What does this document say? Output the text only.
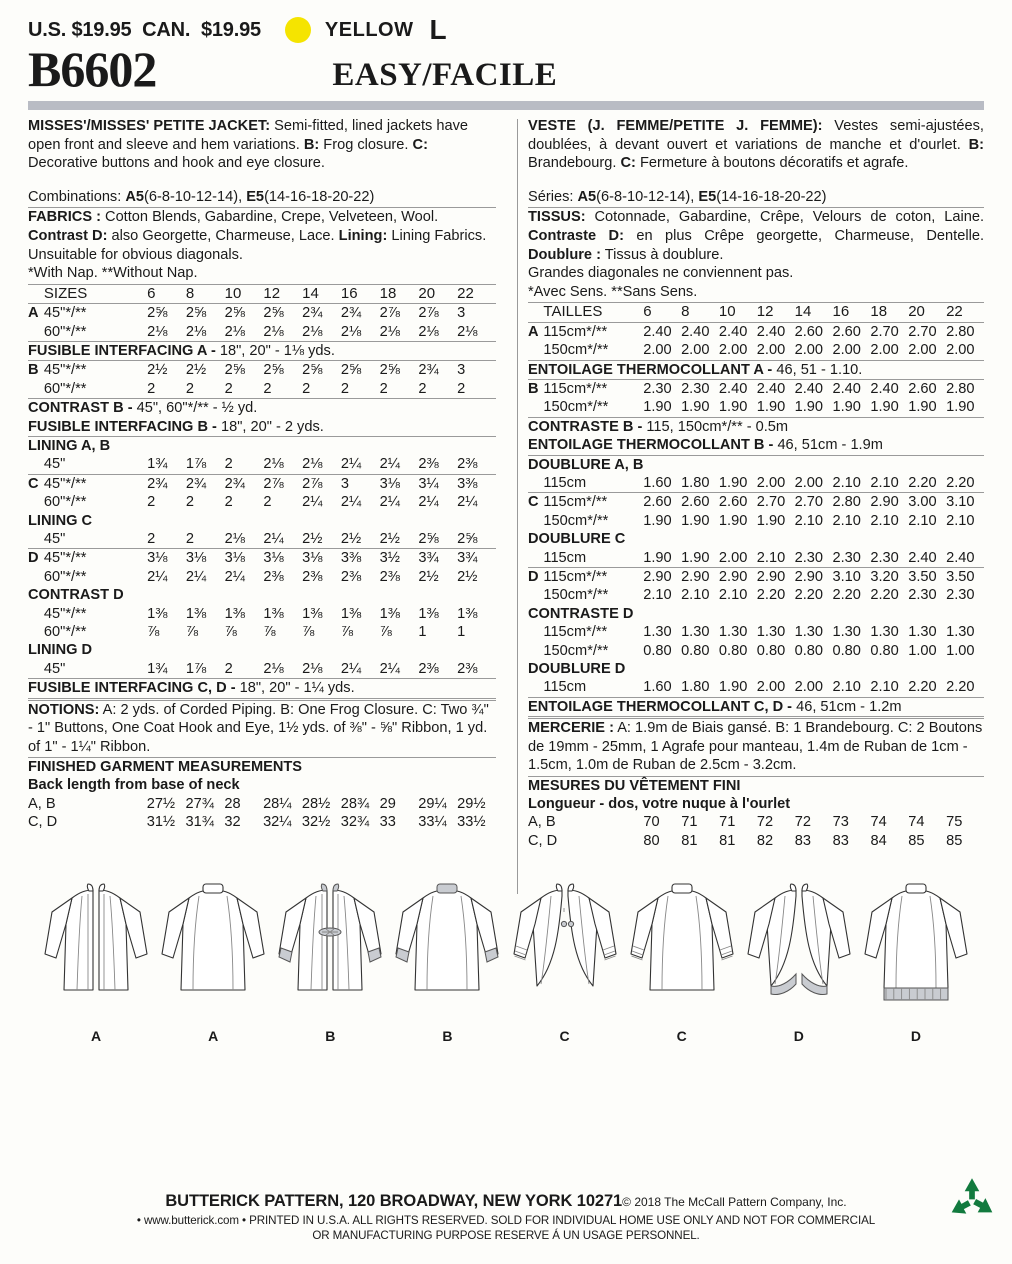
U.S. $19.95  CAN.  $19.95	YELLOW L
B6602	EASY/FACILE
MISSES'/MISSES' PETITE JACKET: Semi-fitted, lined jackets have open front and sleeve and hem variations. B: Frog closure. C: Decorative buttons and hook and eye closure.
Combinations: A5(6-8-10-12-14), E5(14-16-18-20-22)
FABRICS : Cotton Blends, Gabardine, Crepe, Velveteen, Wool. Contrast D: also Georgette, Charmeuse, Lace. Lining: Lining Fabrics.
Unsuitable for obvious diagonals.
*With Nap. **Without Nap.
	SIZES	6	8	10	12	14	16	18	20	22
A	45"*/**	2⅝	2⅝	2⅝	2⅝	2¾	2¾	2⅞	2⅞	3
	60"*/**	2⅛	2⅛	2⅛	2⅛	2⅛	2⅛	2⅛	2⅛	2⅛
FUSIBLE INTERFACING A - 18", 20" - 1⅛ yds.										
B	45"*/**	2½	2½	2⅝	2⅝	2⅝	2⅝	2⅝	2¾	3
	60"*/**	2	2	2	2	2	2	2	2	2
CONTRAST B - 45", 60"*/** - ½ yd.										
FUSIBLE INTERFACING B - 18", 20" - 2 yds.										
LINING A, B										
	45"	1¾	1⅞	2	2⅛	2⅛	2¼	2¼	2⅜	2⅜
C	45"*/**	2¾	2¾	2¾	2⅞	2⅞	3	3⅛	3¼	3⅜
	60"*/**	2	2	2	2	2¼	2¼	2¼	2¼	2¼
LINING C										
	45"	2	2	2⅛	2¼	2½	2½	2½	2⅝	2⅝
D	45"*/**	3⅛	3⅛	3⅛	3⅛	3⅛	3⅜	3½	3¾	3¾
	60"*/**	2¼	2¼	2¼	2⅜	2⅜	2⅜	2⅜	2½	2½
CONTRAST D										
	45"*/**	1⅜	1⅜	1⅜	1⅜	1⅜	1⅜	1⅜	1⅜	1⅜
	60"*/**	⅞	⅞	⅞	⅞	⅞	⅞	⅞	1	1
LINING D										
	45"	1¾	1⅞	2	2⅛	2⅛	2¼	2¼	2⅜	2⅜
FUSIBLE INTERFACING C, D - 18", 20" - 1¼ yds.										
NOTIONS: A: 2 yds. of Corded Piping. B: One Frog Closure. C: Two ¾" - 1" Buttons, One Coat Hook and Eye, 1½ yds. of ⅜" - ⅝" Ribbon, 1 yd. of 1" - 1¼" Ribbon.
FINISHED GARMENT MEASUREMENTS
Back length from base of neck
A, B	27½	27¾	28	28¼	28½	28¾	29	29¼	29½
C, D	31½	31¾	32	32¼	32½	32¾	33	33¼	33½
VESTE (J. FEMME/PETITE J. FEMME): Vestes semi-ajustées, doublées, à devant ouvert et variations de manche et d'ourlet. B: Brandebourg. C: Fermeture à boutons décoratifs et agrafe.
Séries: A5(6-8-10-12-14), E5(14-16-18-20-22)
TISSUS: Cotonnade, Gabardine, Crêpe, Velours de coton, Laine. Contraste D: en plus Crêpe georgette, Charmeuse, Dentelle. Doublure : Tissus à doublure.
Grandes diagonales ne conviennent pas.
*Avec Sens. **Sans Sens.
	TAILLES	6	8	10	12	14	16	18	20	22
A	115cm*/**	2.40	2.40	2.40	2.40	2.60	2.60	2.70	2.70	2.80
	150cm*/**	2.00	2.00	2.00	2.00	2.00	2.00	2.00	2.00	2.00
ENTOILAGE THERMOCOLLANT A - 46, 51 - 1.10.										
B	115cm*/**	2.30	2.30	2.40	2.40	2.40	2.40	2.40	2.60	2.80
	150cm*/**	1.90	1.90	1.90	1.90	1.90	1.90	1.90	1.90	1.90
CONTRASTE B - 115, 150cm*/** - 0.5m										
ENTOILAGE THERMOCOLLANT B - 46, 51cm - 1.9m										
DOUBLURE A, B										
	115cm	1.60	1.80	1.90	2.00	2.00	2.10	2.10	2.20	2.20
C	115cm*/**	2.60	2.60	2.60	2.70	2.70	2.80	2.90	3.00	3.10
	150cm*/**	1.90	1.90	1.90	1.90	2.10	2.10	2.10	2.10	2.10
DOUBLURE C										
	115cm	1.90	1.90	2.00	2.10	2.30	2.30	2.30	2.40	2.40
D	115cm*/**	2.90	2.90	2.90	2.90	2.90	3.10	3.20	3.50	3.50
	150cm*/**	2.10	2.10	2.10	2.20	2.20	2.20	2.20	2.30	2.30
CONTRASTE D										
	115cm*/**	1.30	1.30	1.30	1.30	1.30	1.30	1.30	1.30	1.30
	150cm*/**	0.80	0.80	0.80	0.80	0.80	0.80	0.80	1.00	1.00
DOUBLURE D										
	115cm	1.60	1.80	1.90	2.00	2.00	2.10	2.10	2.20	2.20
ENTOILAGE THERMOCOLLANT C, D - 46, 51cm - 1.2m										
MERCERIE : A: 1.9m de Biais gansé. B: 1 Brandebourg. C: 2 Boutons de 19mm - 25mm, 1 Agrafe pour manteau, 1.4m de Ruban de 1cm - 1.5cm, 1.0m de Ruban de 2.5cm - 3.2cm.
MESURES DU VÊTEMENT FINI
Longueur - dos, votre nuque à l'ourlet
A, B	70	71	71	72	72	73	74	74	75
C, D	80	81	81	82	83	83	84	85	85
A	A	B	B	C	C	D	D
BUTTERICK PATTERN, 120 BROADWAY, NEW YORK 10271© 2018 The McCall Pattern Company, Inc.
• www.butterick.com • PRINTED IN U.S.A. ALL RIGHTS RESERVED. SOLD FOR INDIVIDUAL HOME USE ONLY AND NOT FOR COMMERCIAL
OR MANUFACTURING PURPOSE RESERVE Á UN USAGE PERSONNEL.
